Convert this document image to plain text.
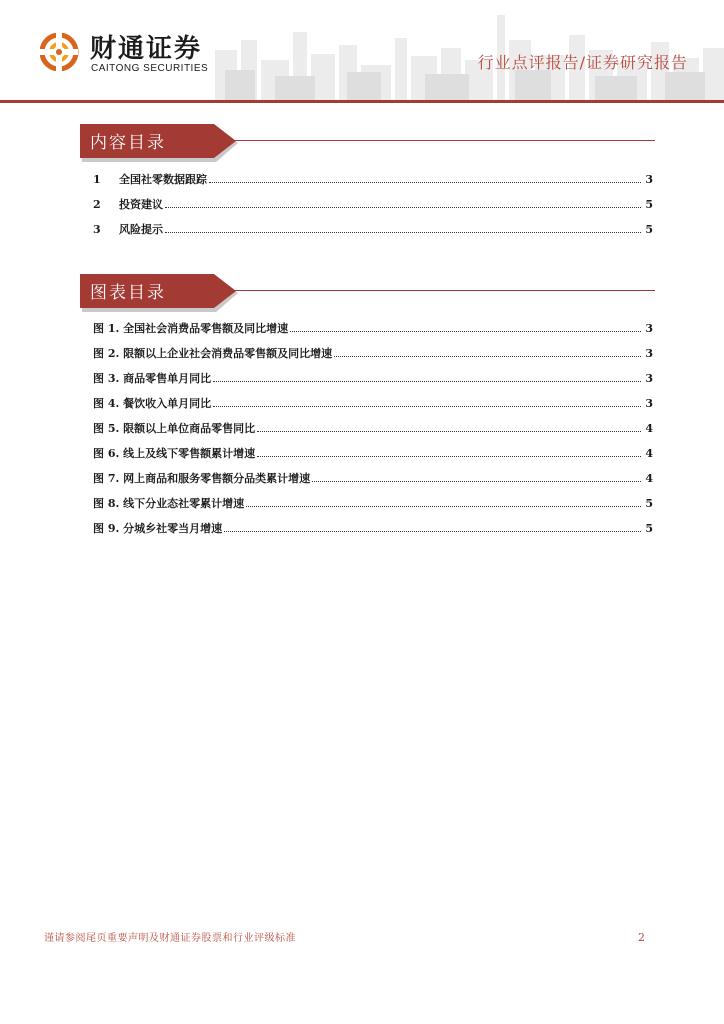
财通证券
CAITONG SECURITIES	行业点评报告/证券研究报告
内容目录
1	全国社零数据跟踪	3
2	投资建议	5
3	风险提示	5
图表目录
图 1. 全国社会消费品零售额及同比增速	3
图 2. 限额以上企业社会消费品零售额及同比增速	3
图 3. 商品零售单月同比	3
图 4. 餐饮收入单月同比	3
图 5. 限额以上单位商品零售同比	4
图 6. 线上及线下零售额累计增速	4
图 7. 网上商品和服务零售额分品类累计增速	4
图 8. 线下分业态社零累计增速	5
图 9. 分城乡社零当月增速	5
谨请参阅尾页重要声明及财通证券股票和行业评级标准	2
